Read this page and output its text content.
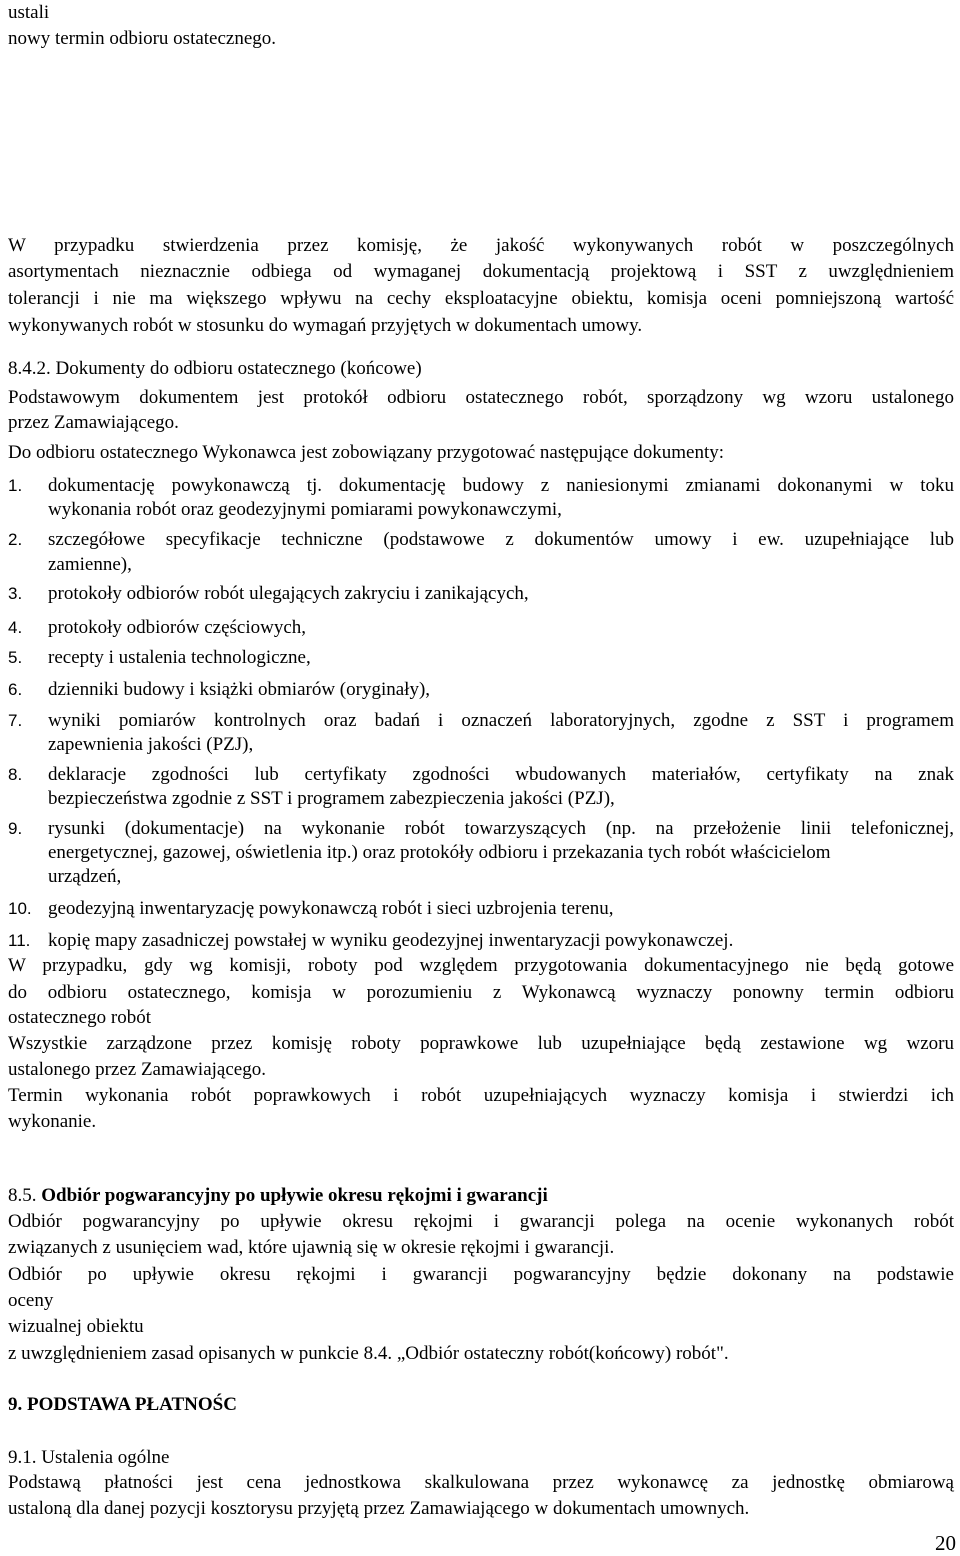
ustali
nowy termin odbioru ostatecznego.
W przypadku stwierdzenia przez komisję, że jakość wykonywanych robót w poszczególnych
asortymentach nieznacznie odbiega od wymaganej dokumentacją projektową i SST z uwzględnieniem
tolerancji i nie ma większego wpływu na cechy eksploatacyjne obiektu, komisja oceni pomniejszoną wartość
wykonywanych robót w stosunku do wymagań przyjętych w dokumentach umowy.
8.4.2. Dokumenty do odbioru ostatecznego (końcowe)
Podstawowym dokumentem jest protokół odbioru ostatecznego robót, sporządzony wg wzoru ustalonego
przez Zamawiającego.
Do odbioru ostatecznego Wykonawca jest zobowiązany przygotować następujące dokumenty:
1. dokumentację powykonawczą tj. dokumentację budowy z naniesionymi zmianami dokonanymi w toku
wykonania robót oraz geodezyjnymi pomiarami powykonawczymi,
2. szczegółowe specyfikacje techniczne (podstawowe z dokumentów umowy i ew. uzupełniające lub
zamienne),
3. protokoły odbiorów robót ulegających zakryciu i zanikających,
4. protokoły odbiorów częściowych,
5. recepty i ustalenia technologiczne,
6. dzienniki budowy i książki obmiarów (oryginały),
7. wyniki pomiarów kontrolnych oraz badań i oznaczeń laboratoryjnych, zgodne z SST i programem
zapewnienia jakości (PZJ),
8. deklaracje zgodności lub certyfikaty zgodności wbudowanych materiałów, certyfikaty na znak
bezpieczeństwa zgodnie z SST i programem zabezpieczenia jakości (PZJ),
9. rysunki (dokumentacje) na wykonanie robót towarzyszących (np. na przełożenie linii telefonicznej,
energetycznej, gazowej, oświetlenia itp.) oraz protokóły odbioru i przekazania tych robót właścicielom
urządzeń,
10. geodezyjną inwentaryzację powykonawczą robót i sieci uzbrojenia terenu,
11. kopię mapy zasadniczej powstałej w wyniku geodezyjnej inwentaryzacji powykonawczej.
W przypadku, gdy wg komisji, roboty pod względem przygotowania dokumentacyjnego nie będą gotowe
do odbioru ostatecznego, komisja w porozumieniu z Wykonawcą wyznaczy ponowny termin odbioru
ostatecznego robót
Wszystkie zarządzone przez komisję roboty poprawkowe lub uzupełniające będą zestawione wg wzoru
ustalonego przez Zamawiającego.
Termin wykonania robót poprawkowych i robót uzupełniających wyznaczy komisja i stwierdzi ich
wykonanie.
8.5. Odbiór pogwarancyjny po upływie okresu rękojmi i gwarancji
Odbiór pogwarancyjny po upływie okresu rękojmi i gwarancji polega na ocenie wykonanych robót
związanych z usunięciem wad, które ujawnią się w okresie rękojmi i gwarancji.
Odbiór po upływie okresu rękojmi i gwarancji pogwarancyjny będzie dokonany na podstawie
oceny
wizualnej obiektu
z uwzględnieniem zasad opisanych w punkcie 8.4. „Odbiór ostateczny robót(końcowy) robót".
9. PODSTAWA PŁATNOŚC
9.1. Ustalenia ogólne
Podstawą płatności jest cena jednostkowa skalkulowana przez wykonawcę za jednostkę obmiarową
ustaloną dla danej pozycji kosztorysu przyjętą przez Zamawiającego w dokumentach umownych.
20
